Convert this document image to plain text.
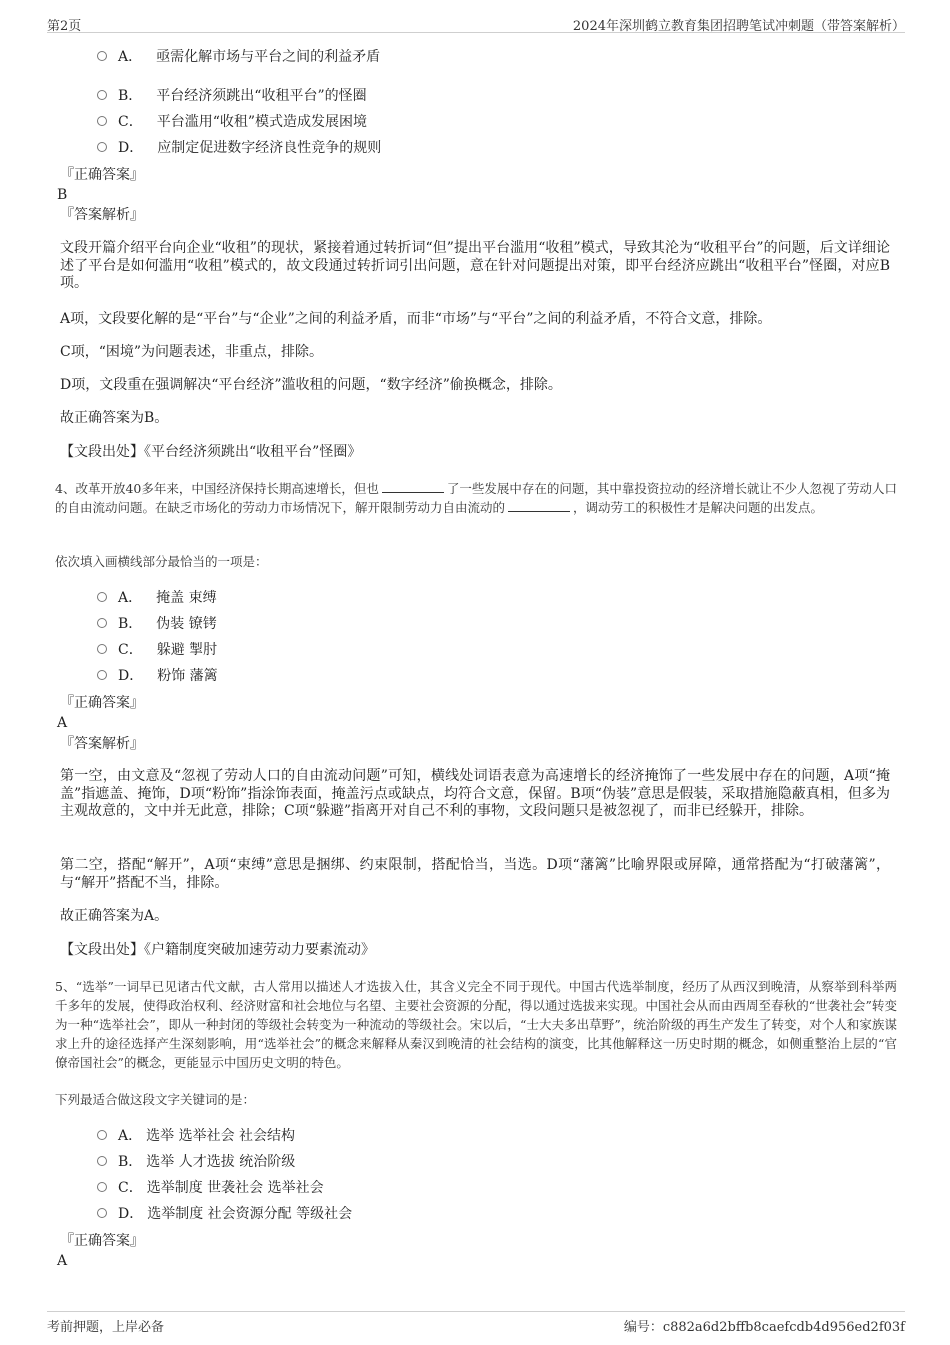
第2页	2024年深圳鹤立教育集团招聘笔试冲刺题（带答案解析）
A． 亟需化解市场与平台之间的利益矛盾
B． 平台经济须跳出“收租平台”的怪圈
C． 平台滥用“收租”模式造成发展困境
D． 应制定促进数字经济良性竞争的规则
『正确答案』
B
『答案解析』
文段开篇介绍平台向企业“收租”的现状，紧接着通过转折词“但”提出平台滥用“收租”模式，导致其沦为“收租平台”的问题，后文详细论述了平台是如何滥用“收租”模式的，故文段通过转折词引出问题，意在针对问题提出对策，即平台经济应跳出“收租平台”怪圈，对应B项。
A项，文段要化解的是“平台”与“企业”之间的利益矛盾，而非“市场”与“平台”之间的利益矛盾，不符合文意，排除。
C项，“困境”为问题表述，非重点，排除。
D项，文段重在强调解决“平台经济”滥收租的问题，“数字经济”偷换概念，排除。
故正确答案为B。
【文段出处】《平台经济须跳出“收租平台”怪圈》
4、改革开放40多年来，中国经济保持长期高速增长，但也	了一些发展中存在的问题，其中靠投资拉动的经济增长就让不少人忽视了劳动人口的自由流动问题。在缺乏市场化的劳动力市场情况下，解开限制劳动力自由流动的	，调动劳工的积极性才是解决问题的出发点。
依次填入画横线部分最恰当的一项是：
A． 掩盖 束缚
B． 伪装 镣铐
C． 躲避 掣肘
D． 粉饰 藩篱
『正确答案』
A
『答案解析』
第一空，由文意及“忽视了劳动人口的自由流动问题”可知，横线处词语表意为高速增长的经济掩饰了一些发展中存在的问题，A项“掩盖”指遮盖、掩饰，D项“粉饰”指涂饰表面，掩盖污点或缺点，均符合文意，保留。B项“伪装”意思是假装，采取措施隐蔽真相，但多为主观故意的，文中并无此意，排除；C项“躲避”指离开对自己不利的事物，文段问题只是被忽视了，而非已经躲开，排除。
第二空，搭配“解开”，A项“束缚”意思是捆绑、约束限制，搭配恰当，当选。D项“藩篱”比喻界限或屏障，通常搭配为“打破藩篱”，与“解开”搭配不当，排除。
故正确答案为A。
【文段出处】《户籍制度突破加速劳动力要素流动》
5、“选举”一词早已见诸古代文献，古人常用以描述人才选拔入仕，其含义完全不同于现代。中国古代选举制度，经历了从西汉到晚清，从察举到科举两千多年的发展，使得政治权利、经济财富和社会地位与名望、主要社会资源的分配，得以通过选拔来实现。中国社会从而由西周至春秋的“世袭社会”转变为一种“选举社会”，即从一种封闭的等级社会转变为一种流动的等级社会。宋以后，“士大夫多出草野”，统治阶级的再生产发生了转变，对个人和家族谋求上升的途径选择产生深刻影响，用“选举社会”的概念来解释从秦汉到晚清的社会结构的演变，比其他解释这一历史时期的概念，如侧重整治上层的“官僚帝国社会”的概念，更能显示中国历史文明的特色。
下列最适合做这段文字关键词的是：
A． 选举 选举社会 社会结构
B． 选举 人才选拔 统治阶级
C． 选举制度 世袭社会 选举社会
D． 选举制度 社会资源分配 等级社会
『正确答案』
A
考前押题，上岸必备	编号：c882a6d2bffb8caefcdb4d956ed2f03f
